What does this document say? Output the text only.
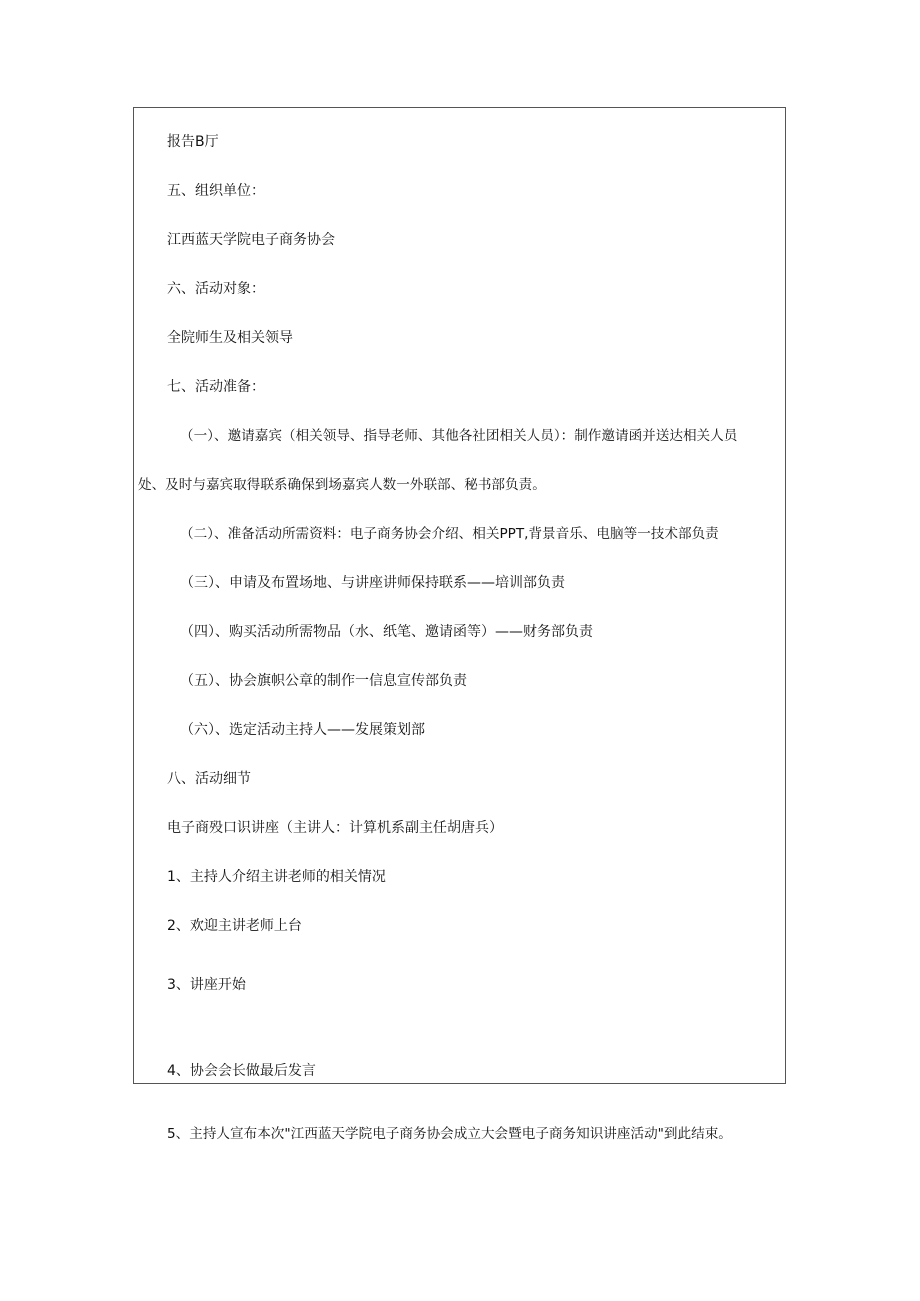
报告B厅
五、组织单位：
江西蓝天学院电子商务协会
六、活动对象：
全院师生及相关领导
七、活动准备：
（一）、邀请嘉宾（相关领导、指导老师、其他各社团相关人员）：制作邀请函并送达相关人员
处、及时与嘉宾取得联系确保到场嘉宾人数一外联部、秘书部负责。
（二）、准备活动所需资料：电子商务协会介绍、相关PPT,背景音乐、电脑等一技术部负责
（三）、申请及布置场地、与讲座讲师保持联系——培训部负责
（四）、购买活动所需物品（水、纸笔、邀请函等）——财务部负责
（五）、协会旗帜公章的制作一信息宣传部负责
（六）、选定活动主持人——发展策划部
八、活动细节
电子商殁口识讲座（主讲人：计算机系副主任胡唐兵）
1、主持人介绍主讲老师的相关情况
2、欢迎主讲老师上台
3、讲座开始
4、协会会长做最后发言
5、主持人宣布本次"江西蓝天学院电子商务协会成立大会暨电子商务知识讲座活动"到此结束。
